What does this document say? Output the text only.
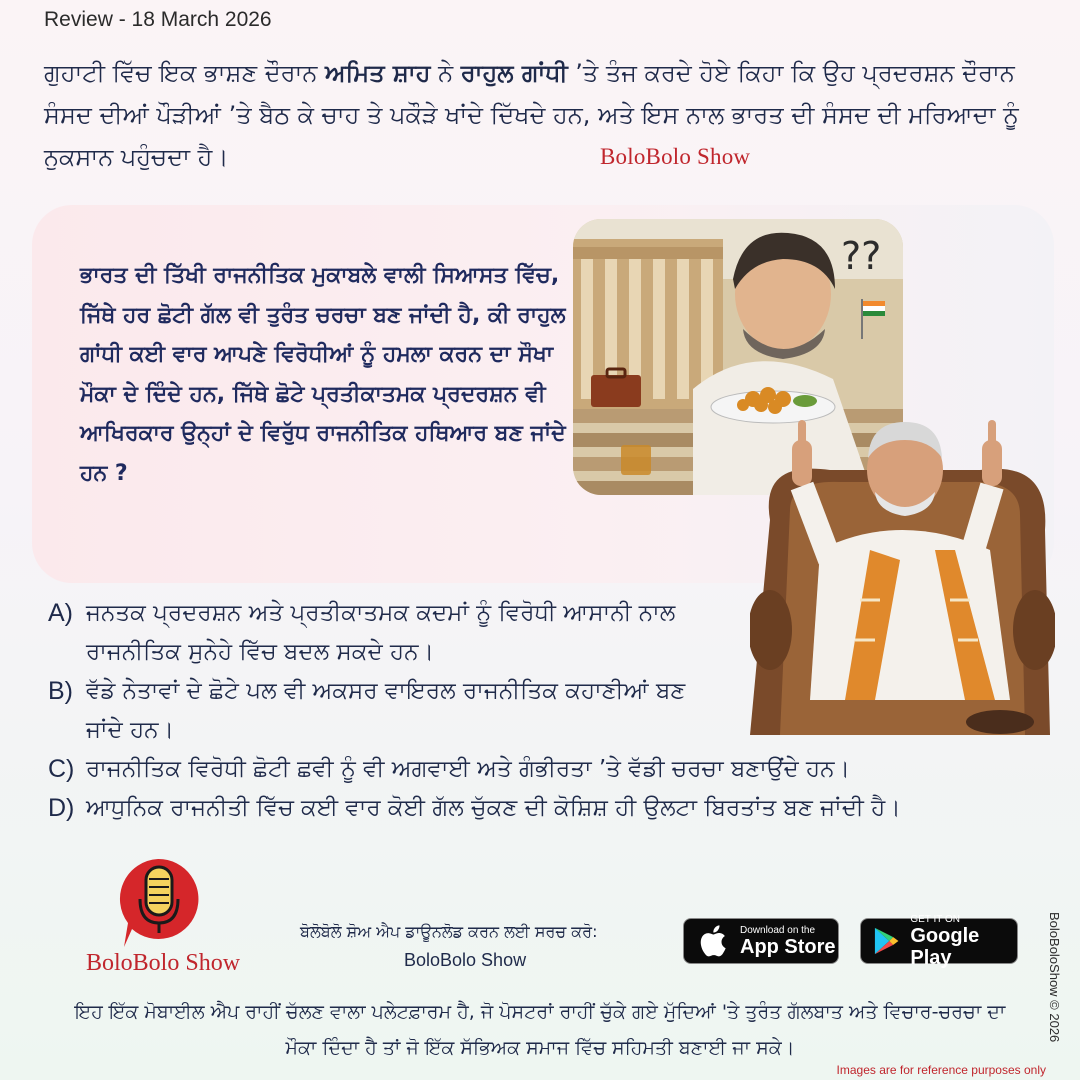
Review - 18 March 2026
ਗੁਹਾਟੀ ਵਿੱਚ ਇਕ ਭਾਸ਼ਣ ਦੌਰਾਨ ਅਮਿਤ ਸ਼ਾਹ ਨੇ ਰਾਹੁਲ ਗਾਂਧੀ ’ਤੇ ਤੰਜ ਕਰਦੇ ਹੋਏ ਕਿਹਾ ਕਿ ਉਹ ਪ੍ਰਦਰਸ਼ਨ ਦੌਰਾਨ ਸੰਸਦ ਦੀਆਂ ਪੌੜੀਆਂ ’ਤੇ ਬੈਠ ਕੇ ਚਾਹ ਤੇ ਪਕੌੜੇ ਖਾਂਦੇ ਦਿੱਖਦੇ ਹਨ, ਅਤੇ ਇਸ ਨਾਲ ਭਾਰਤ ਦੀ ਸੰਸਦ ਦੀ ਮਰਿਆਦਾ ਨੂੰ ਨੁਕਸਾਨ ਪਹੁੰਚਦਾ ਹੈ।	BoloBolo Show
ਭਾਰਤ ਦੀ ਤਿੱਖੀ ਰਾਜਨੀਤਿਕ ਮੁਕਾਬਲੇ ਵਾਲੀ ਸਿਆਸਤ ਵਿੱਚ, ਜਿੱਥੇ ਹਰ ਛੋਟੀ ਗੱਲ ਵੀ ਤੁਰੰਤ ਚਰਚਾ ਬਣ ਜਾਂਦੀ ਹੈ, ਕੀ ਰਾਹੁਲ ਗਾਂਧੀ ਕਈ ਵਾਰ ਆਪਣੇ ਵਿਰੋਧੀਆਂ ਨੂੰ ਹਮਲਾ ਕਰਨ ਦਾ ਸੌਖਾ ਮੌਕਾ ਦੇ ਦਿੰਦੇ ਹਨ, ਜਿੱਥੇ ਛੋਟੇ ਪ੍ਰਤੀਕਾਤਮਕ ਪ੍ਰਦਰਸ਼ਨ ਵੀ ਆਖਿਰਕਾਰ ਉਨ੍ਹਾਂ ਦੇ ਵਿਰੁੱਧ ਰਾਜਨੀਤਿਕ ਹਥਿਆਰ ਬਣ ਜਾਂਦੇ ਹਨ ?
??
A) ਜਨਤਕ ਪ੍ਰਦਰਸ਼ਨ ਅਤੇ ਪ੍ਰਤੀਕਾਤਮਕ ਕਦਮਾਂ ਨੂੰ ਵਿਰੋਧੀ ਆਸਾਨੀ ਨਾਲ ਰਾਜਨੀਤਿਕ ਸੁਨੇਹੇ ਵਿੱਚ ਬਦਲ ਸਕਦੇ ਹਨ।
B) ਵੱਡੇ ਨੇਤਾਵਾਂ ਦੇ ਛੋਟੇ ਪਲ ਵੀ ਅਕਸਰ ਵਾਇਰਲ ਰਾਜਨੀਤਿਕ ਕਹਾਣੀਆਂ ਬਣ ਜਾਂਦੇ ਹਨ।
C) ਰਾਜਨੀਤਿਕ ਵਿਰੋਧੀ ਛੋਟੀ ਛਵੀ ਨੂੰ ਵੀ ਅਗਵਾਈ ਅਤੇ ਗੰਭੀਰਤਾ ’ਤੇ ਵੱਡੀ ਚਰਚਾ ਬਣਾਉਂਦੇ ਹਨ।
D) ਆਧੁਨਿਕ ਰਾਜਨੀਤੀ ਵਿੱਚ ਕਈ ਵਾਰ ਕੋਈ ਗੱਲ ਚੁੱਕਣ ਦੀ ਕੋਸ਼ਿਸ਼ ਹੀ ਉਲਟਾ ਬਿਰਤਾਂਤ ਬਣ ਜਾਂਦੀ ਹੈ।
BoloBolo Show
ਬੋਲੋਬੋਲੋ ਸ਼ੋਅ ਐਪ ਡਾਊਨਲੋਡ ਕਰਨ ਲਈ ਸਰਚ ਕਰੋ:
BoloBolo Show
Download on the
App Store
GET IT ON
Google Play
ਇਹ ਇੱਕ ਮੋਬਾਈਲ ਐਪ ਰਾਹੀਂ ਚੱਲਣ ਵਾਲਾ ਪਲੇਟਫ਼ਾਰਮ ਹੈ, ਜੋ ਪੋਸਟਰਾਂ ਰਾਹੀਂ ਚੁੱਕੇ ਗਏ ਮੁੱਦਿਆਂ 'ਤੇ ਤੁਰੰਤ ਗੱਲਬਾਤ ਅਤੇ ਵਿਚਾਰ-ਚਰਚਾ ਦਾ ਮੌਕਾ ਦਿੰਦਾ ਹੈ ਤਾਂ ਜੋ ਇੱਕ ਸੱਭਿਅਕ ਸਮਾਜ ਵਿੱਚ ਸਹਿਮਤੀ ਬਣਾਈ ਜਾ ਸਕੇ।
BoloBoloShow © 2026
Images are for reference purposes only
